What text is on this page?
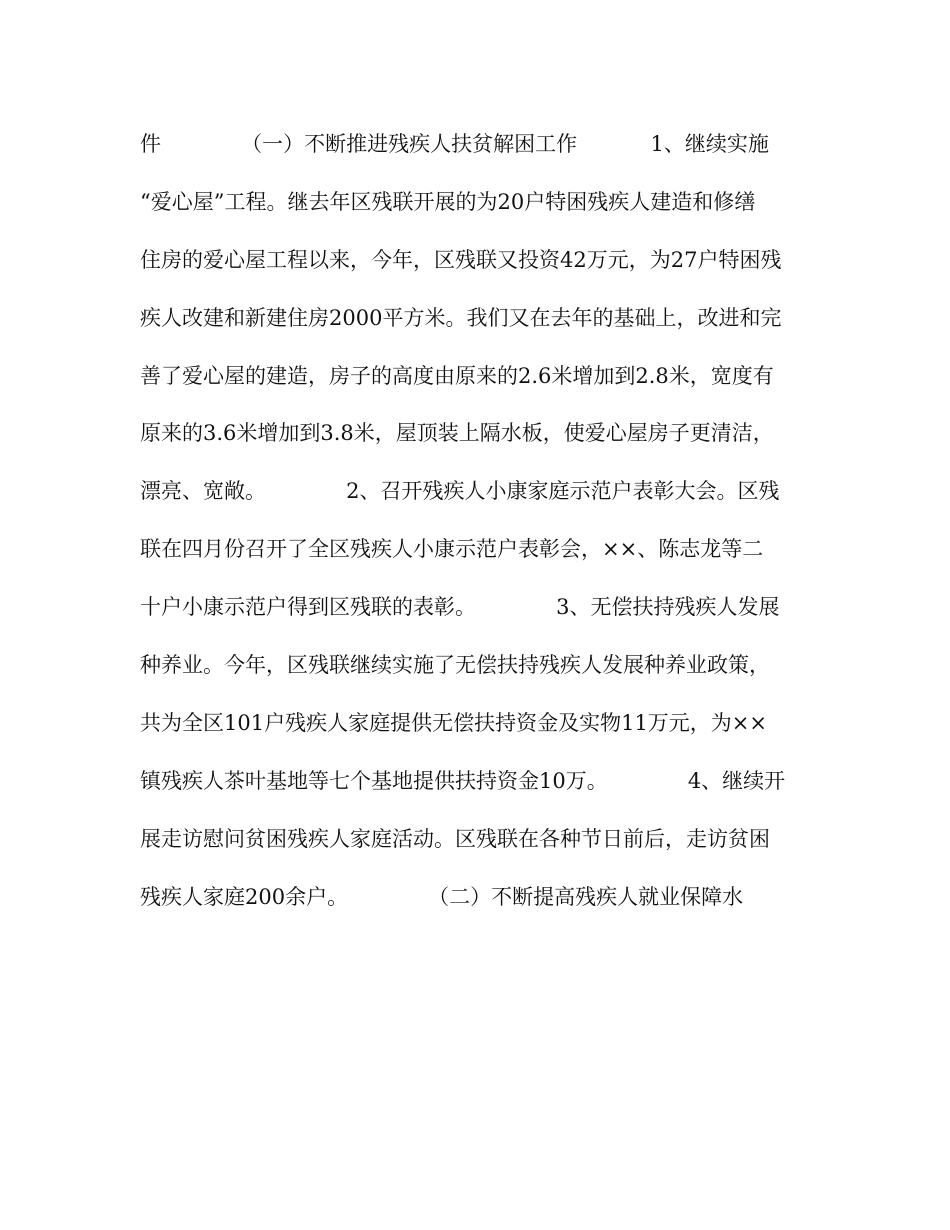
件            （一）不断推进残疾人扶贫解困工作           1、继续实施
“爱心屋”工程。继去年区残联开展的为20户特困残疾人建造和修缮
住房的爱心屋工程以来，今年，区残联又投资42万元，为27户特困残
疾人改建和新建住房2000平方米。我们又在去年的基础上，改进和完
善了爱心屋的建造，房子的高度由原来的2.6米增加到2.8米，宽度有
原来的3.6米增加到3.8米，屋顶装上隔水板，使爱心屋房子更清洁，
漂亮、宽敞。            2、召开残疾人小康家庭示范户表彰大会。区残
联在四月份召开了全区残疾人小康示范户表彰会，××、陈志龙等二
十户小康示范户得到区残联的表彰。            3、无偿扶持残疾人发展
种养业。今年，区残联继续实施了无偿扶持残疾人发展种养业政策，
共为全区101户残疾人家庭提供无偿扶持资金及实物11万元，为××
镇残疾人茶叶基地等七个基地提供扶持资金10万。            4、继续开
展走访慰问贫困残疾人家庭活动。区残联在各种节日前后，走访贫困
残疾人家庭200余户。            （二）不断提高残疾人就业保障水
